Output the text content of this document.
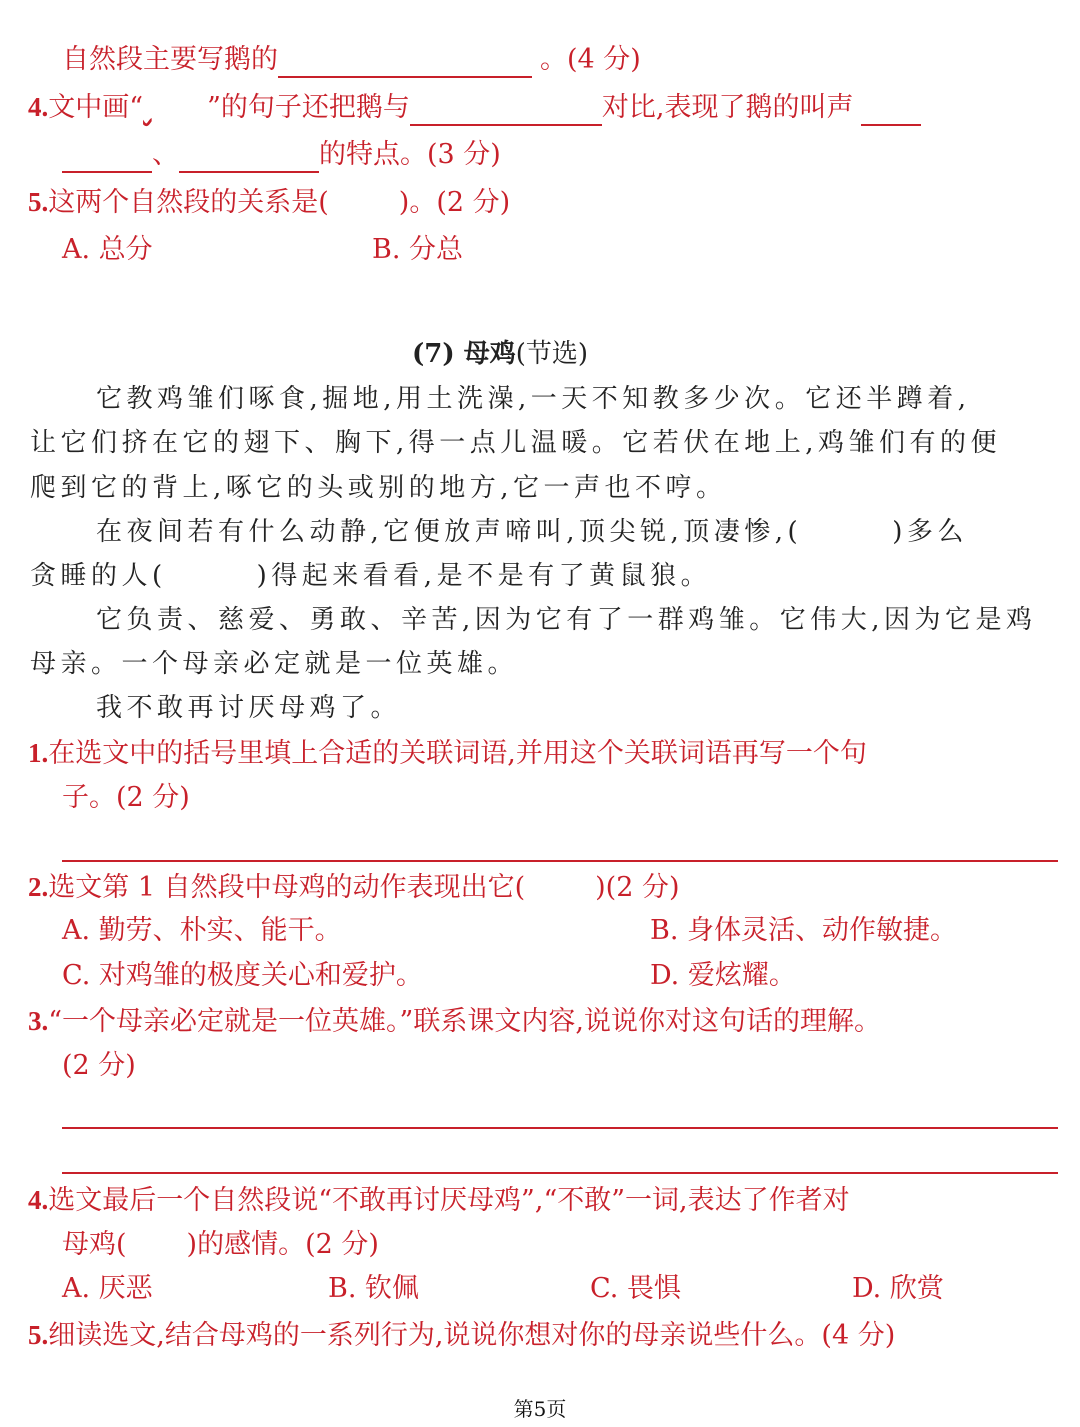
自然段主要写鹅的	。(4 分)
4.文中画“ ”的句子还把鹅与	对比,表现了鹅的叫声
、	的特点。(3 分)
5.这两个自然段的关系是(	)。(2 分)
A. 总分	B. 分总
(7) 母鸡(节选)
它教鸡雏们啄食,掘地,用土洗澡,一天不知教多少次。它还半蹲着,
让它们挤在它的翅下、胸下,得一点儿温暖。它若伏在地上,鸡雏们有的便
爬到它的背上,啄它的头或别的地方,它一声也不哼。
在夜间若有什么动静,它便放声啼叫,顶尖锐,顶凄惨,(	)多么
贪睡的人(	)得起来看看,是不是有了黄鼠狼。
它负责、慈爱、勇敢、辛苦,因为它有了一群鸡雏。它伟大,因为它是鸡
母亲。一个母亲必定就是一位英雄。
我不敢再讨厌母鸡了。
1.在选文中的括号里填上合适的关联词语,并用这个关联词语再写一个句
子。(2 分)
2.选文第 1 自然段中母鸡的动作表现出它(	)(2 分)
A. 勤劳、朴实、能干。	B. 身体灵活、动作敏捷。
C. 对鸡雏的极度关心和爱护。	D. 爱炫耀。
3.“一个母亲必定就是一位英雄。”联系课文内容,说说你对这句话的理解。
(2 分)
4.选文最后一个自然段说“不敢再讨厌母鸡”,“不敢”一词,表达了作者对
母鸡( )的感情。(2 分)
A. 厌恶	B. 钦佩	C. 畏惧	D. 欣赏
5.细读选文,结合母鸡的一系列行为,说说你想对你的母亲说些什么。(4 分)
第5页
